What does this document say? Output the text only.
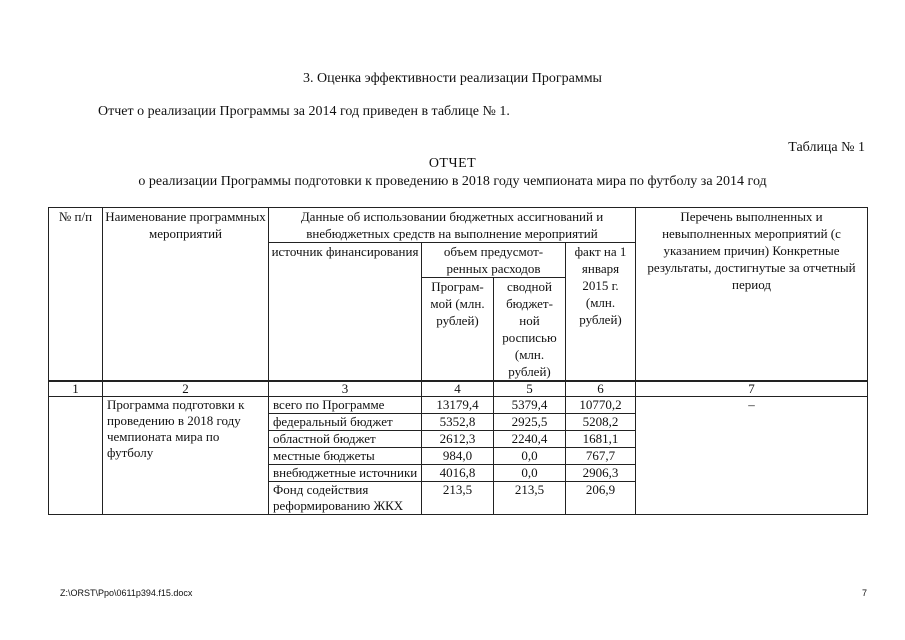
3. Оценка эффективности реализации Программы
Отчет о реализации Программы за 2014 год приведен в таблице № 1.
Таблица № 1
ОТЧЕТ
о реализации Программы подготовки к проведению в 2018 году чемпионата мира по футболу за 2014 год
№ п/п	Наименование программных мероприятий	Данные об использовании бюджетных ассигнований и внебюджетных средств на выполнение мероприятий				Перечень выполненных и невыполненных мероприятий (с указанием причин) Конкретные результаты, достигнутые за отчетный период
		источник финансирования	объем предусмот-ренных расходов		факт на 1 января 2015 г. (млн. рублей)	
			Програм-мой (млн. рублей)	сводной бюджет-ной росписью (млн. рублей)		
1	2	3	4	5	6	7
	Программа подготовки к проведению в 2018 году чемпионата мира по футболу	всего по Программе	13179,4	5379,4	10770,2	–
		федеральный бюджет	5352,8	2925,5	5208,2	
		областной бюджет	2612,3	2240,4	1681,1	
		местные бюджеты	984,0	0,0	767,7	
		внебюджетные источники	4016,8	0,0	2906,3	
		Фонд содействия реформированию ЖКХ	213,5	213,5	206,9	
Z:\ORST\Ppo\0611p394.f15.docx	7
